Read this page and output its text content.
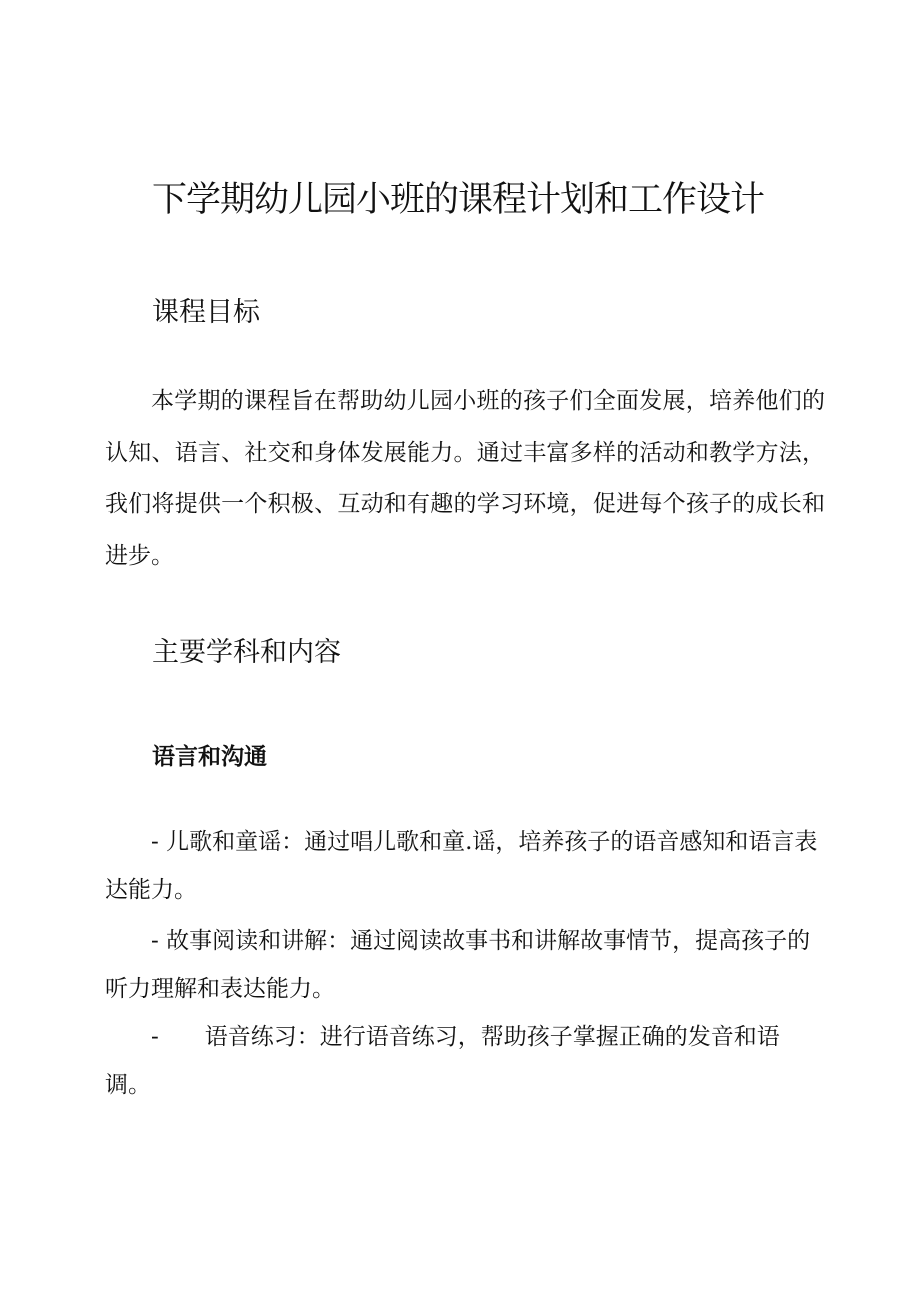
下学期幼儿园小班的课程计划和工作设计
课程目标

本学期的课程旨在帮助幼儿园小班的孩子们全面发展，培养他们的认知、语言、社交和身体发展能力。通过丰富多样的活动和教学方法，我们将提供一个积极、互动和有趣的学习环境，促进每个孩子的成长和进步。

主要学科和内容
语言和沟通

- 儿歌和童谣：通过唱儿歌和童.谣，培养孩子的语音感知和语言表达能力。

- 故事阅读和讲解：通过阅读故事书和讲解故事情节，提高孩子的听力理解和表达能力。

- 语音练习：进行语音练习，帮助孩子掌握正确的发音和语调。
